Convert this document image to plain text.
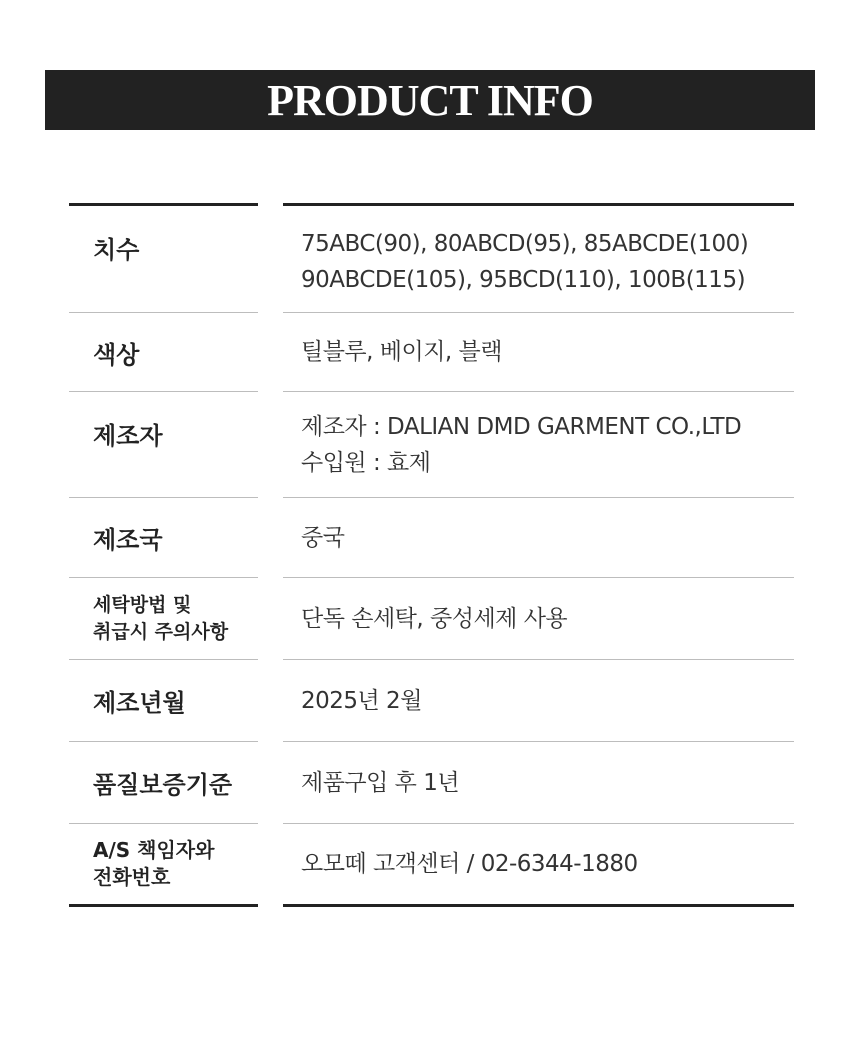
PRODUCT INFO
치수	75ABC(90), 80ABCD(95), 85ABCDE(100)
90ABCDE(105), 95BCD(110), 100B(115)
색상	틸블루, 베이지, 블랙
제조자	제조자 : DALIAN DMD GARMENT CO.,LTD
수입원 : 효제
제조국	중국
세탁방법 및
취급시 주의사항	단독 손세탁, 중성세제 사용
제조년월	2025년 2월
품질보증기준	제품구입 후 1년
A/S 책임자와
전화번호	오모떼 고객센터 / 02-6344-1880
